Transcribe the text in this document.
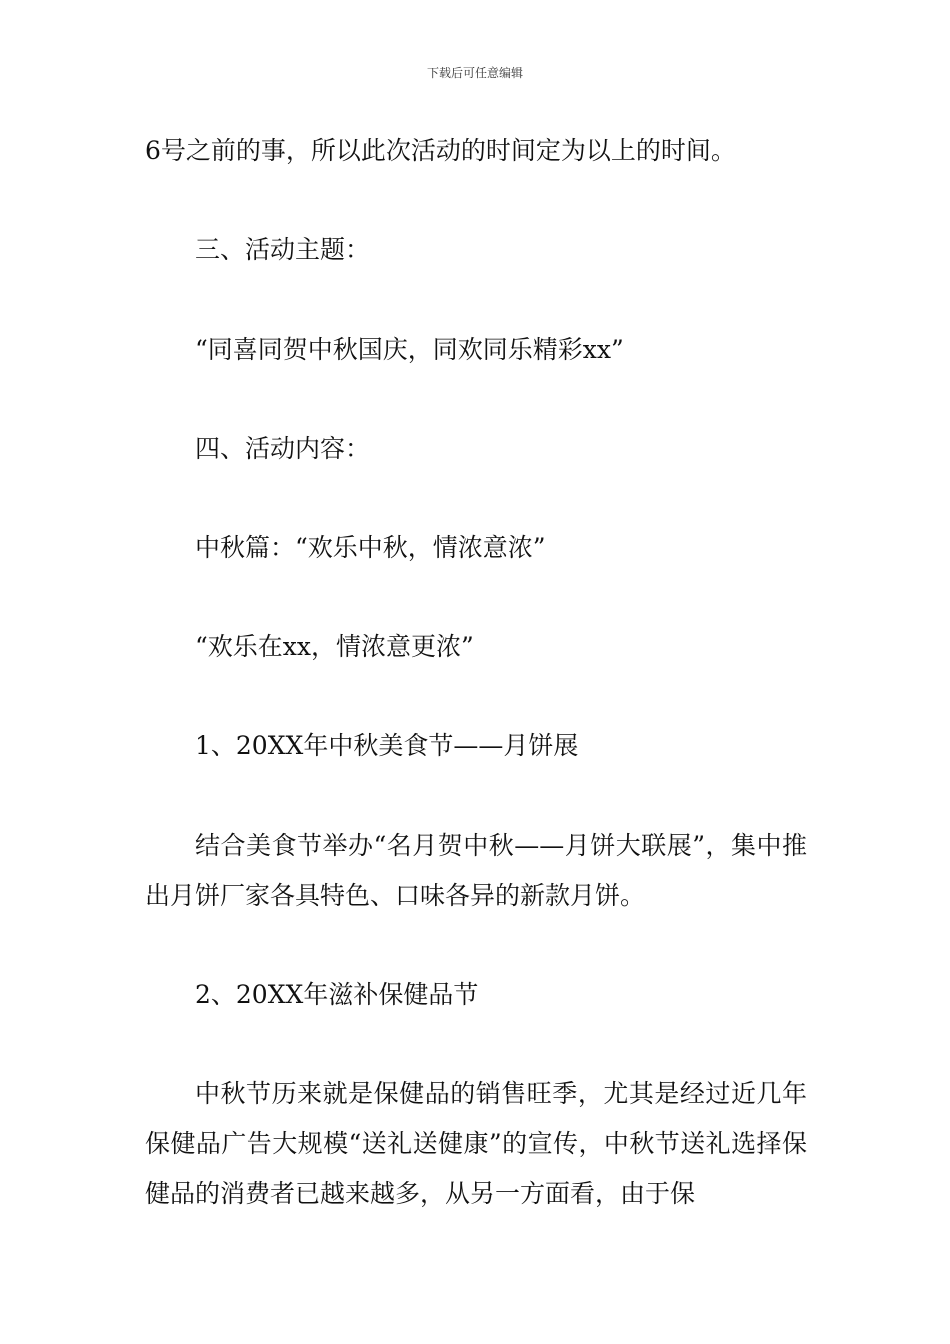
下载后可任意编辑

6号之前的事，所以此次活动的时间定为以上的时间。

三、活动主题：

“同喜同贺中秋国庆，同欢同乐精彩xx”

四、活动内容：

中秋篇：“欢乐中秋，情浓意浓”

“欢乐在xx，情浓意更浓”

1、20XX年中秋美食节——月饼展

结合美食节举办“名月贺中秋——月饼大联展”，集中推出月饼厂家各具特色、口味各异的新款月饼。

2、20XX年滋补保健品节

中秋节历来就是保健品的销售旺季，尤其是经过近几年保健品广告大规模“送礼送健康”的宣传，中秋节送礼选择保健品的消费者已越来越多，从另一方面看，由于保
